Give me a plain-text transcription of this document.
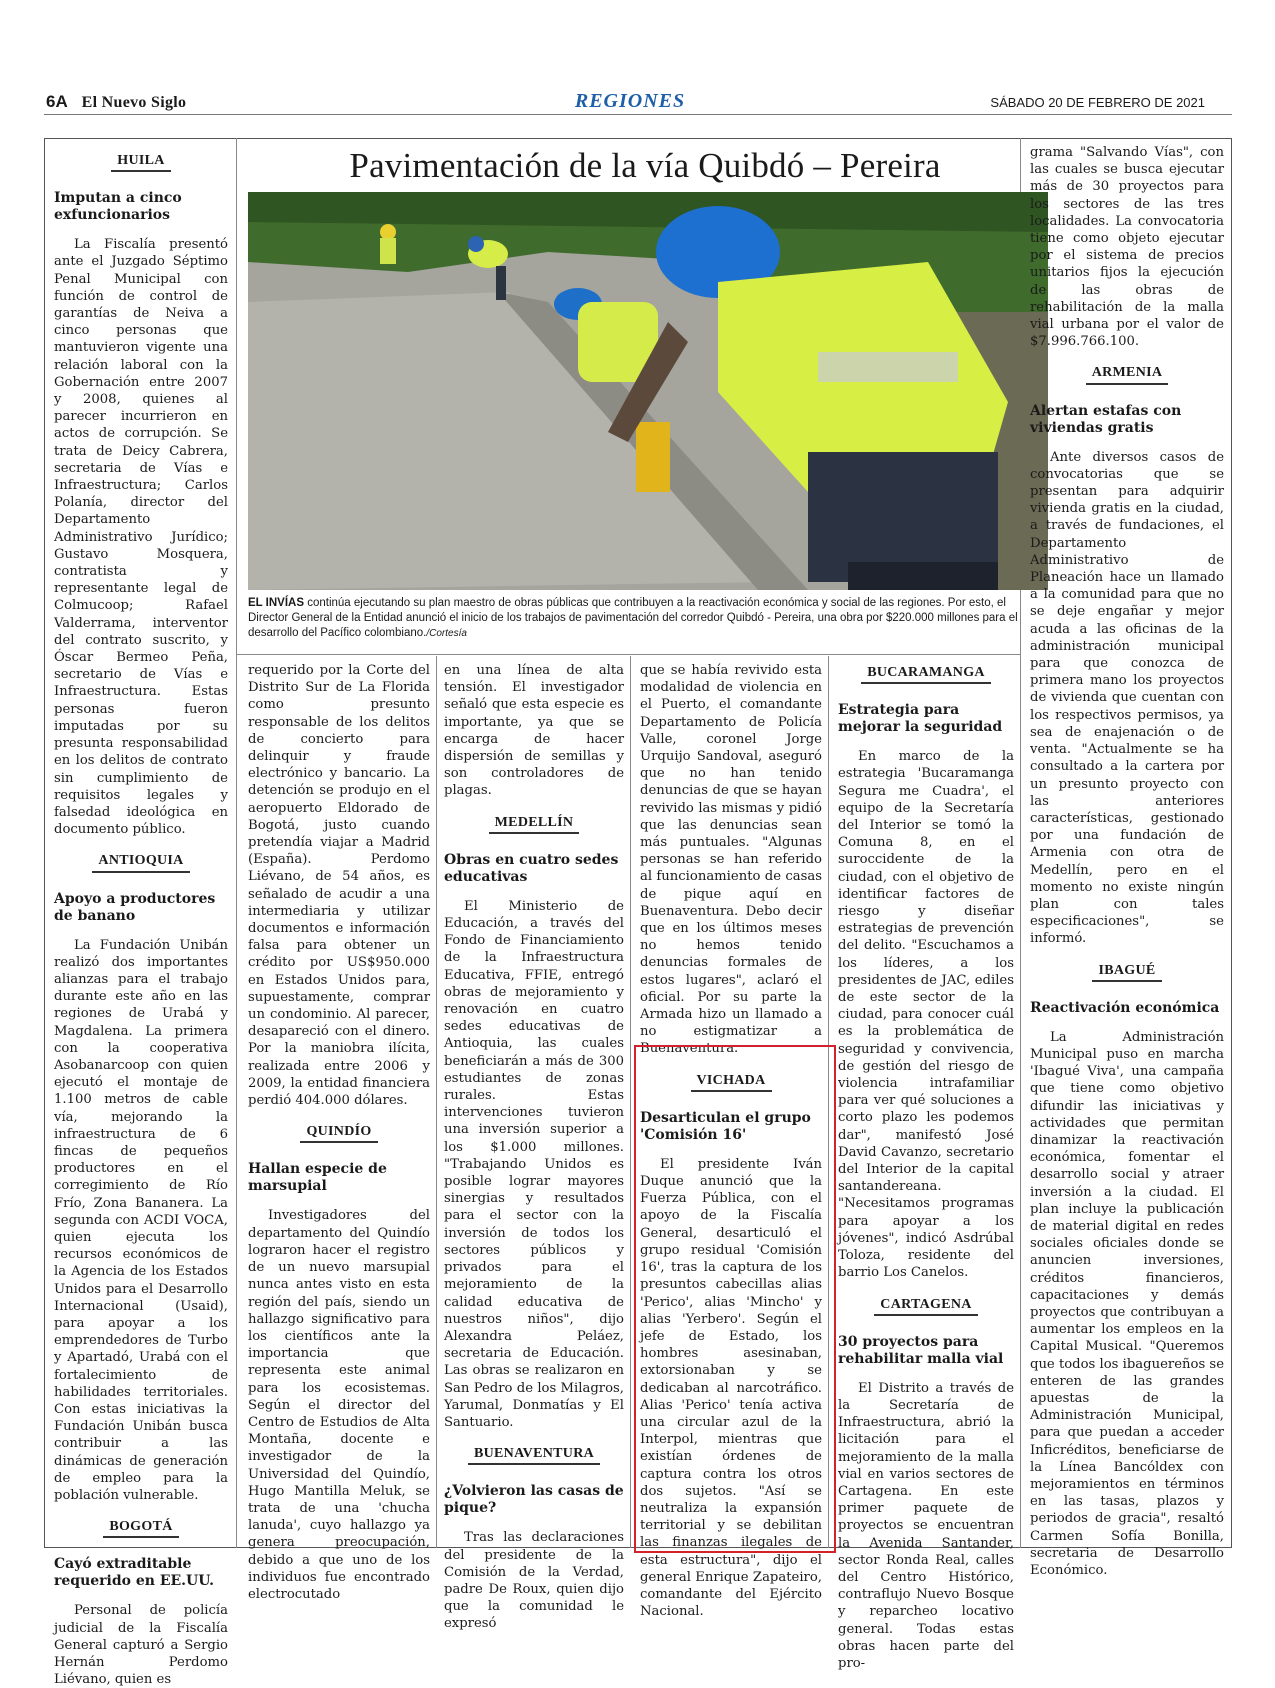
6A El Nuevo Siglo	REGIONES	SÁBADO 20 DE FEBRERO DE 2021
Pavimentación de la vía Quibdó – Pereira
EL INVÍAS continúa ejecutando su plan maestro de obras públicas que contribuyen a la reactivación económica y social de las regiones. Por esto, el Director General de la Entidad anunció el inicio de los trabajos de pavimentación del corredor Quibdó - Pereira, una obra por $220.000 millones para el desarrollo del Pacífico colombiano./Cortesía
HUILA
Imputan a cinco exfuncionarios

La Fiscalía presentó ante el Juzgado Séptimo Penal Municipal con función de control de garantías de Neiva a cinco personas que mantuvieron vigente una relación laboral con la Gobernación entre 2007 y 2008, quienes al parecer incurrieron en actos de corrupción. Se trata de Deicy Cabrera, secretaria de Vías e Infraestructura; Carlos Polanía, director del Departamento Administrativo Jurídico; Gustavo Mosquera, contratista y representante legal de Colmucoop; Rafael Valderrama, interventor del contrato suscrito, y Óscar Bermeo Peña, secretario de Vías e Infraestructura. Estas personas fueron imputadas por su presunta responsabilidad en los delitos de contrato sin cumplimiento de requisitos legales y falsedad ideológica en documento público.

ANTIOQUIA
Apoyo a productores de banano

La Fundación Unibán realizó dos importantes alianzas para el trabajo durante este año en las regiones de Urabá y Magdalena. La primera con la cooperativa Asobanarcoop con quien ejecutó el montaje de 1.100 metros de cable vía, mejorando la infraestructura de 6 fincas de pequeños productores en el corregimiento de Río Frío, Zona Bananera. La segunda con ACDI VOCA, quien ejecuta los recursos económicos de la Agencia de los Estados Unidos para el Desarrollo Internacional (Usaid), para apoyar a los emprendedores de Turbo y Apartadó, Urabá con el fortalecimiento de habilidades territoriales. Con estas iniciativas la Fundación Unibán busca contribuir a las dinámicas de generación de empleo para la población vulnerable.

BOGOTÁ
Cayó extraditable requerido en EE.UU.

Personal de policía judicial de la Fiscalía General capturó a Sergio Hernán Perdomo Liévano, quien es

requerido por la Corte del Distrito Sur de La Florida como presunto responsable de los delitos de concierto para delinquir y fraude electrónico y bancario. La detención se produjo en el aeropuerto Eldorado de Bogotá, justo cuando pretendía viajar a Madrid (España). Perdomo Liévano, de 54 años, es señalado de acudir a una intermediaria y utilizar documentos e información falsa para obtener un crédito por US$950.000 en Estados Unidos para, supuestamente, comprar un condominio. Al parecer, desapareció con el dinero. Por la maniobra ilícita, realizada entre 2006 y 2009, la entidad financiera perdió 404.000 dólares.

QUINDÍO
Hallan especie de marsupial

Investigadores del departamento del Quindío lograron hacer el registro de un nuevo marsupial nunca antes visto en esta región del país, siendo un hallazgo significativo para los científicos ante la importancia que representa este animal para los ecosistemas. Según el director del Centro de Estudios de Alta Montaña, docente e investigador de la Universidad del Quindío, Hugo Mantilla Meluk, se trata de una 'chucha lanuda', cuyo hallazgo ya genera preocupación, debido a que uno de los individuos fue encontrado electrocutado

en una línea de alta tensión. El investigador señaló que esta especie es importante, ya que se encarga de hacer dispersión de semillas y son controladores de plagas.

MEDELLÍN
Obras en cuatro sedes educativas

El Ministerio de Educación, a través del Fondo de Financiamiento de la Infraestructura Educativa, FFIE, entregó obras de mejoramiento y renovación en cuatro sedes educativas de Antioquia, las cuales beneficiarán a más de 300 estudiantes de zonas rurales. Estas intervenciones tuvieron una inversión superior a los $1.000 millones. "Trabajando Unidos es posible lograr mayores sinergias y resultados para el sector con la inversión de todos los sectores públicos y privados para el mejoramiento de la calidad educativa de nuestros niños", dijo Alexandra Peláez, secretaria de Educación. Las obras se realizaron en San Pedro de los Milagros, Yarumal, Donmatías y El Santuario.

BUENAVENTURA
¿Volvieron las casas de pique?

Tras las declaraciones del presidente de la Comisión de la Verdad, padre De Roux, quien dijo que la comunidad le expresó

que se había revivido esta modalidad de violencia en el Puerto, el comandante Departamento de Policía Valle, coronel Jorge Urquijo Sandoval, aseguró que no han tenido denuncias de que se hayan revivido las mismas y pidió que las denuncias sean más puntuales. "Algunas personas se han referido al funcionamiento de casas de pique aquí en Buenaventura. Debo decir que en los últimos meses no hemos tenido denuncias formales de estos lugares", aclaró el oficial. Por su parte la Armada hizo un llamado a no estigmatizar a Buenaventura.

VICHADA
Desarticulan el grupo 'Comisión 16'

El presidente Iván Duque anunció que la Fuerza Pública, con el apoyo de la Fiscalía General, desarticuló el grupo residual 'Comisión 16', tras la captura de los presuntos cabecillas alias 'Perico', alias 'Mincho' y alias 'Yerbero'. Según el jefe de Estado, los hombres asesinaban, extorsionaban y se dedicaban al narcotráfico. Alias 'Perico' tenía activa una circular azul de la Interpol, mientras que existían órdenes de captura contra los otros dos sujetos. "Así se neutraliza la expansión territorial y se debilitan las finanzas ilegales de esta estructura", dijo el general Enrique Zapateiro, comandante del Ejército Nacional.

BUCARAMANGA
Estrategia para mejorar la seguridad

En marco de la estrategia 'Bucaramanga Segura me Cuadra', el equipo de la Secretaría del Interior se tomó la Comuna 8, en el suroccidente de la ciudad, con el objetivo de identificar factores de riesgo y diseñar estrategias de prevención del delito. "Escuchamos a los líderes, a los presidentes de JAC, ediles de este sector de la ciudad, para conocer cuál es la problemática de seguridad y convivencia, de gestión del riesgo de violencia intrafamiliar para ver qué soluciones a corto plazo les podemos dar", manifestó José David Cavanzo, secretario del Interior de la capital santandereana. "Necesitamos programas para apoyar a los jóvenes", indicó Asdrúbal Toloza, residente del barrio Los Canelos.

CARTAGENA
30 proyectos para rehabilitar malla vial

El Distrito a través de la Secretaría de Infraestructura, abrió la licitación para el mejoramiento de la malla vial en varios sectores de Cartagena. En este primer paquete de proyectos se encuentran la Avenida Santander, sector Ronda Real, calles del Centro Histórico, contraflujo Nuevo Bosque y reparcheo locativo general. Todas estas obras hacen parte del pro-

grama "Salvando Vías", con las cuales se busca ejecutar más de 30 proyectos para los sectores de las tres localidades. La convocatoria tiene como objeto ejecutar por el sistema de precios unitarios fijos la ejecución de las obras de rehabilitación de la malla vial urbana por el valor de $7.996.766.100.

ARMENIA
Alertan estafas con viviendas gratis

Ante diversos casos de convocatorias que se presentan para adquirir vivienda gratis en la ciudad, a través de fundaciones, el Departamento Administrativo de Planeación hace un llamado a la comunidad para que no se deje engañar y mejor acuda a las oficinas de la administración municipal para que conozca de primera mano los proyectos de vivienda que cuentan con los respectivos permisos, ya sea de enajenación o de venta. "Actualmente se ha consultado a la cartera por un presunto proyecto con las anteriores características, gestionado por una fundación de Armenia con otra de Medellín, pero en el momento no existe ningún plan con tales especificaciones", se informó.

IBAGUÉ
Reactivación económica

La Administración Municipal puso en marcha 'Ibagué Viva', una campaña que tiene como objetivo difundir las iniciativas y actividades que permitan dinamizar la reactivación económica, fomentar el desarrollo social y atraer inversión a la ciudad. El plan incluye la publicación de material digital en redes sociales oficiales donde se anuncien inversiones, créditos financieros, capacitaciones y demás proyectos que contribuyan a aumentar los empleos en la Capital Musical. "Queremos que todos los ibaguereños se enteren de las grandes apuestas de la Administración Municipal, para que puedan a acceder Inficréditos, beneficiarse de la Línea Bancóldex con mejoramientos en términos en las tasas, plazos y periodos de gracia", resaltó Carmen Sofía Bonilla, secretaria de Desarrollo Económico.
